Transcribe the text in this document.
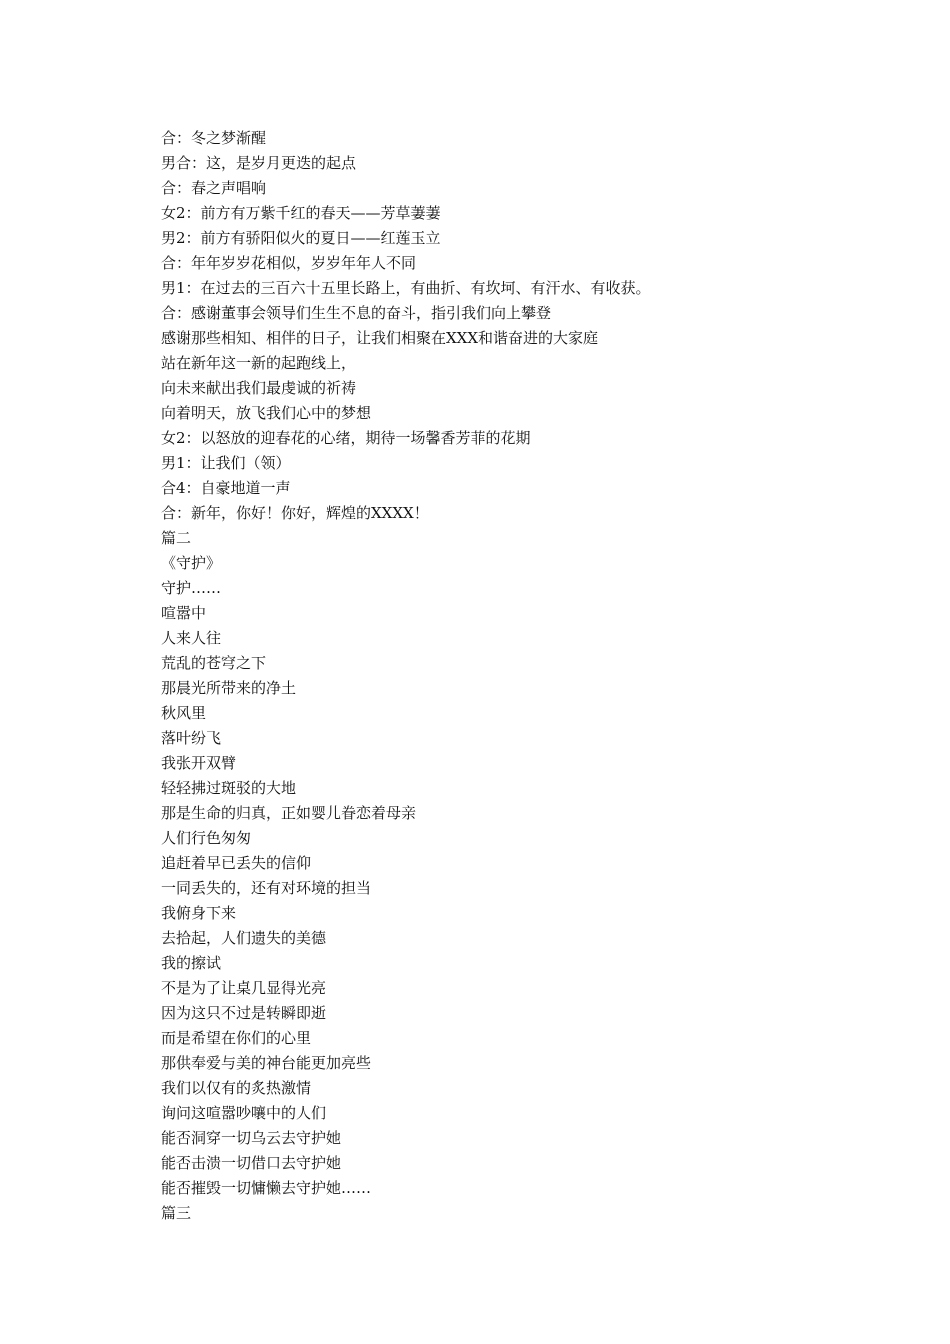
合：冬之梦渐醒
男合：这，是岁月更迭的起点
合：春之声唱响
女2：前方有万紫千红的春天——芳草萋萋
男2：前方有骄阳似火的夏日——红莲玉立
合：年年岁岁花相似，岁岁年年人不同
男1：在过去的三百六十五里长路上，有曲折、有坎坷、有汗水、有收获。
合：感谢董事会领导们生生不息的奋斗，指引我们向上攀登
感谢那些相知、相伴的日子，让我们相聚在XXX和谐奋进的大家庭
站在新年这一新的起跑线上，
向未来献出我们最虔诚的祈祷
向着明天，放飞我们心中的梦想
女2：以怒放的迎春花的心绪，期待一场馨香芳菲的花期
男1：让我们（领）
合4：自豪地道一声
合：新年，你好！你好，辉煌的XXXX！
篇二
《守护》
守护……
喧嚣中
人来人往
荒乱的苍穹之下
那晨光所带来的净土
秋风里
落叶纷飞
我张开双臂
轻轻拂过斑驳的大地
那是生命的归真，正如婴儿眷恋着母亲
人们行色匆匆
追赶着早已丢失的信仰
一同丢失的，还有对环境的担当
我俯身下来
去拾起，人们遗失的美德
我的擦试
不是为了让桌几显得光亮
因为这只不过是转瞬即逝
而是希望在你们的心里
那供奉爱与美的神台能更加亮些
我们以仅有的炙热激情
询问这喧嚣吵嚷中的人们
能否洞穿一切乌云去守护她
能否击溃一切借口去守护她
能否摧毁一切慵懒去守护她……
篇三
